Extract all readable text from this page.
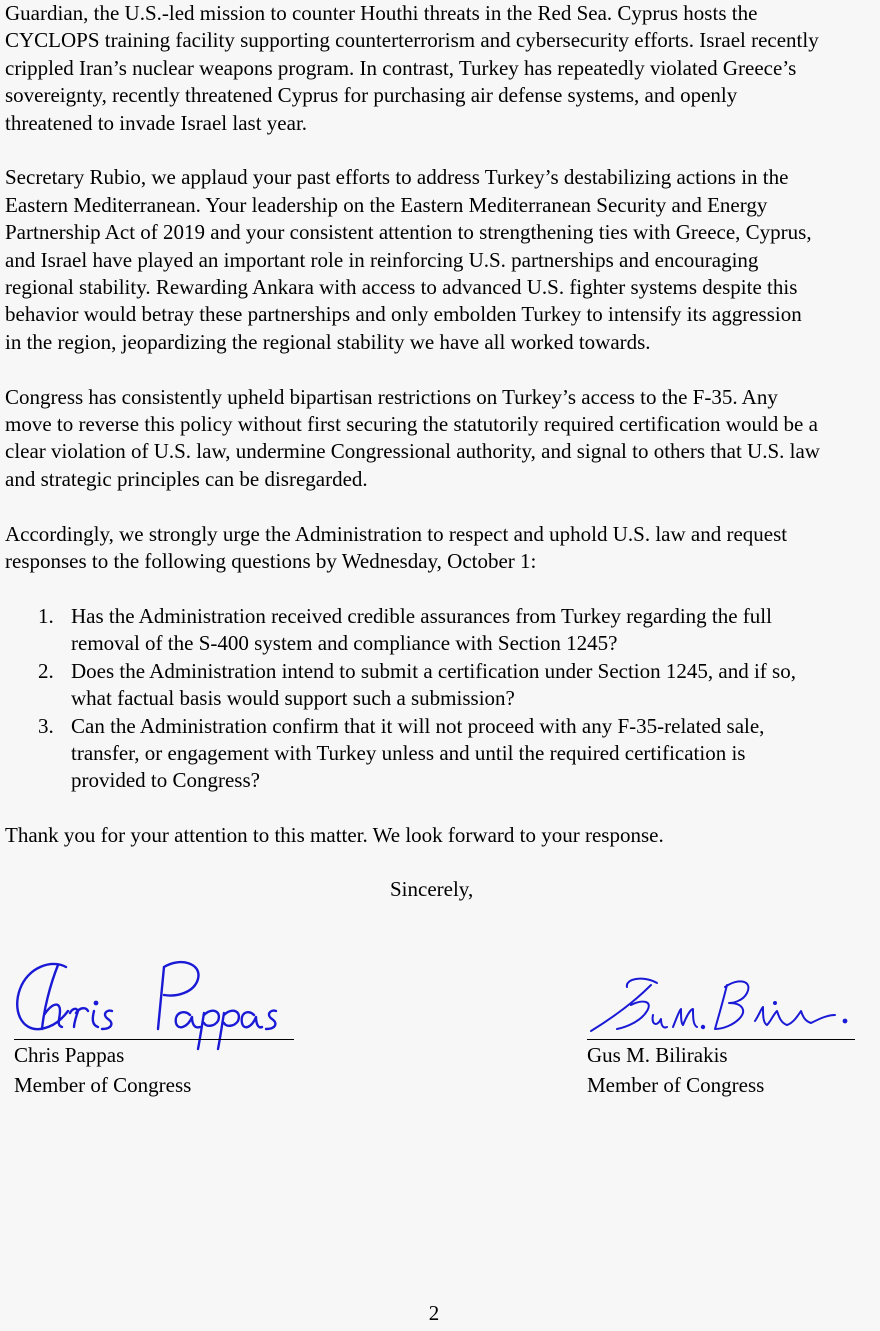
Guardian, the U.S.-led mission to counter Houthi threats in the Red Sea. Cyprus hosts the
CYCLOPS training facility supporting counterterrorism and cybersecurity efforts. Israel recently
crippled Iran’s nuclear weapons program. In contrast, Turkey has repeatedly violated Greece’s
sovereignty, recently threatened Cyprus for purchasing air defense systems, and openly
threatened to invade Israel last year.

Secretary Rubio, we applaud your past efforts to address Turkey’s destabilizing actions in the
Eastern Mediterranean. Your leadership on the Eastern Mediterranean Security and Energy
Partnership Act of 2019 and your consistent attention to strengthening ties with Greece, Cyprus,
and Israel have played an important role in reinforcing U.S. partnerships and encouraging
regional stability. Rewarding Ankara with access to advanced U.S. fighter systems despite this
behavior would betray these partnerships and only embolden Turkey to intensify its aggression
in the region, jeopardizing the regional stability we have all worked towards.

Congress has consistently upheld bipartisan restrictions on Turkey’s access to the F-35. Any
move to reverse this policy without first securing the statutorily required certification would be a
clear violation of U.S. law, undermine Congressional authority, and signal to others that U.S. law
and strategic principles can be disregarded.

Accordingly, we strongly urge the Administration to respect and uphold U.S. law and request
responses to the following questions by Wednesday, October 1:

1. Has the Administration received credible assurances from Turkey regarding the full
removal of the S-400 system and compliance with Section 1245?
2. Does the Administration intend to submit a certification under Section 1245, and if so,
what factual basis would support such a submission?
3. Can the Administration confirm that it will not proceed with any F-35-related sale,
transfer, or engagement with Turkey unless and until the required certification is
provided to Congress?

Thank you for your attention to this matter. We look forward to your response.

Sincerely,
Chris Pappas
Member of Congress
Gus M. Bilirakis
Member of Congress
2
